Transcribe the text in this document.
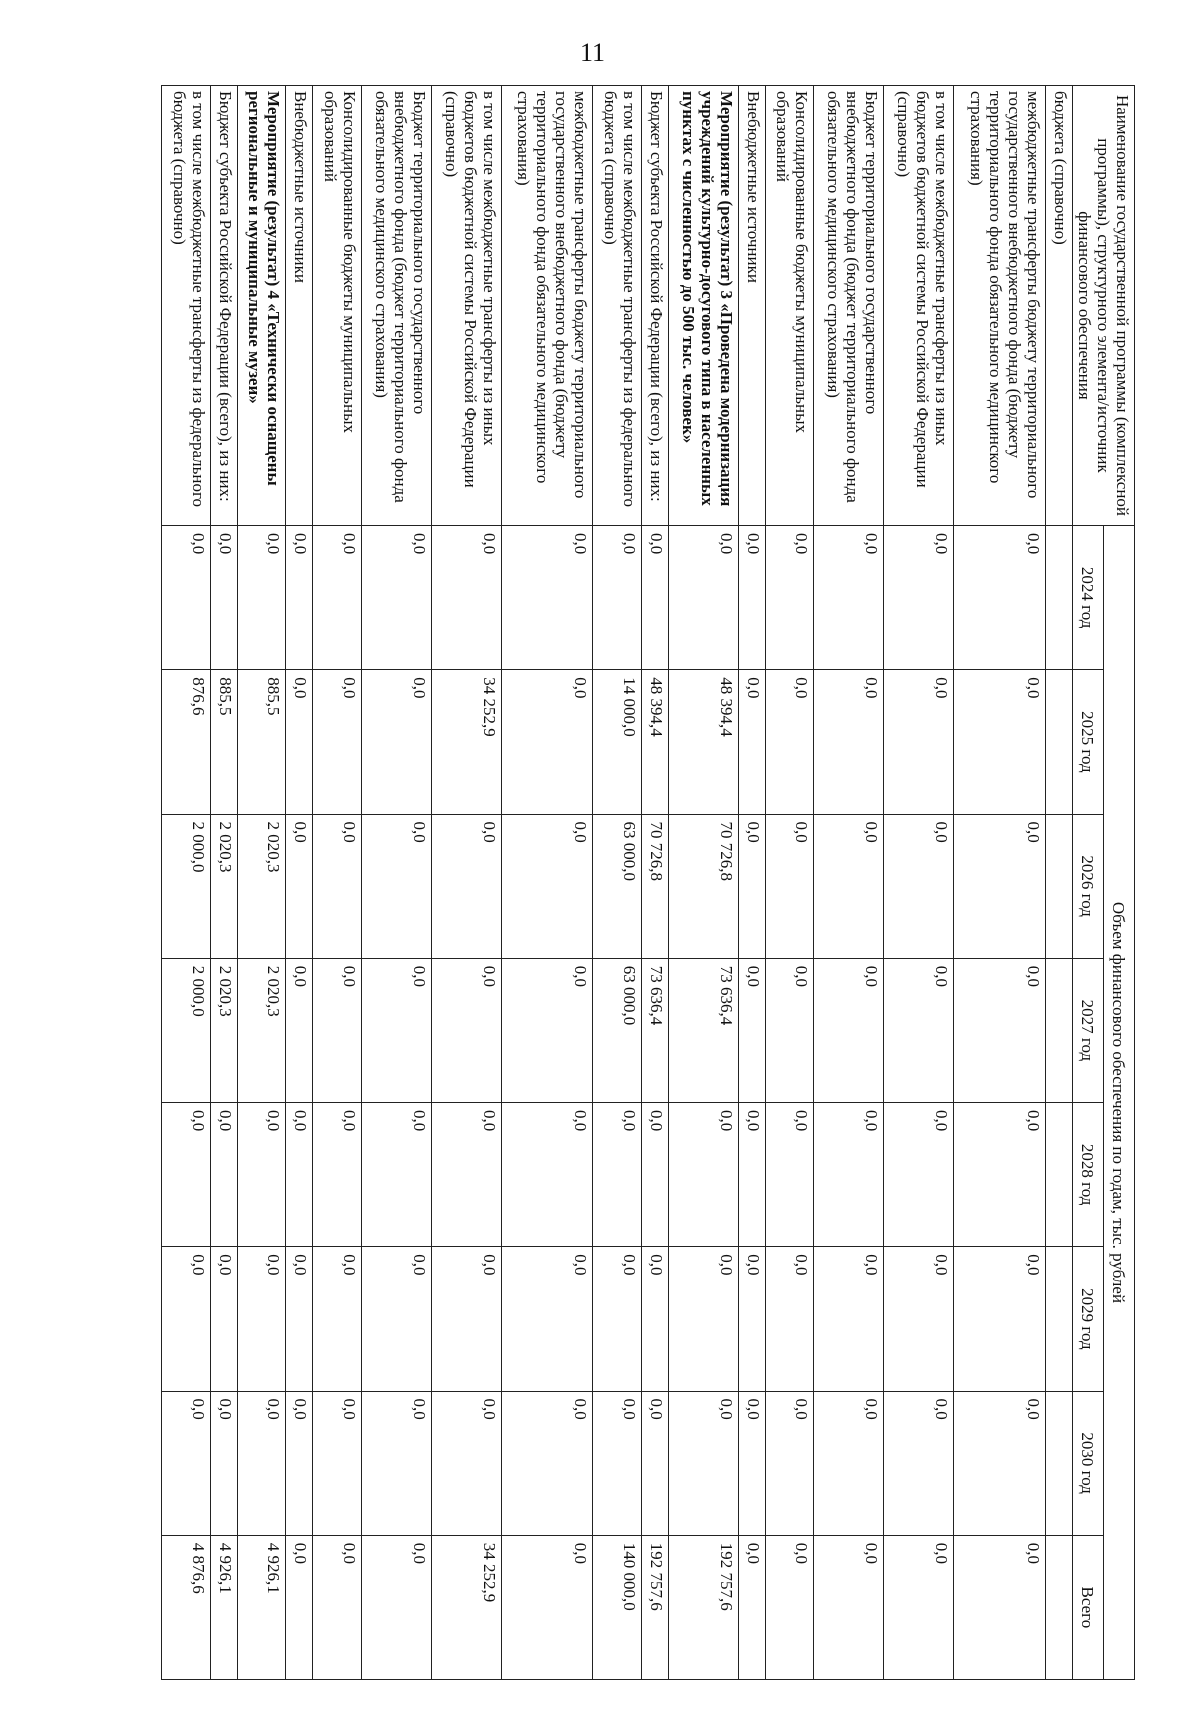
11
Наименование государственной программы (комплексной программы), структурного элемента/источник финансового обеспечения	Объем финансового обеспечения по годам, тыс. рублей							
	2024 год	2025 год	2026 год	2027 год	2028 год	2029 год	2030 год	Всего
бюджета (справочно)								
межбюджетные трансферты бюджету территориального государственного внебюджетного фонда (бюджету территориального фонда обязательного медицинского страхования)	0,0	0,0	0,0	0,0	0,0	0,0	0,0	0,0
в том числе межбюджетные трансферты из иных бюджетов бюджетной системы Российской Федерации (справочно)	0,0	0,0	0,0	0,0	0,0	0,0	0,0	0,0
Бюджет территориального государственного внебюджетного фонда (бюджет территориального фонда обязательного медицинского страхования)	0,0	0,0	0,0	0,0	0,0	0,0	0,0	0,0
Консолидированные бюджеты муниципальных образований	0,0	0,0	0,0	0,0	0,0	0,0	0,0	0,0
Внебюджетные источники	0,0	0,0	0,0	0,0	0,0	0,0	0,0	0,0
Мероприятие (результат) 3 «Проведена модернизация учреждений культурно-досугового типа в населенных пунктах с численностью до 500 тыс. человек»	0,0	48 394,4	70 726,8	73 636,4	0,0	0,0	0,0	192 757,6
Бюджет субъекта Российской Федерации (всего), из них:	0,0	48 394,4	70 726,8	73 636,4	0,0	0,0	0,0	192 757,6
в том числе межбюджетные трансферты из федерального бюджета (справочно)	0,0	14 000,0	63 000,0	63 000,0	0,0	0,0	0,0	140 000,0
межбюджетные трансферты бюджету территориального государственного внебюджетного фонда (бюджету территориального фонда обязательного медицинского страхования)	0,0	0,0	0,0	0,0	0,0	0,0	0,0	0,0
в том числе межбюджетные трансферты из иных бюджетов бюджетной системы Российской Федерации (справочно)	0,0	34 252,9	0,0	0,0	0,0	0,0	0,0	34 252,9
Бюджет территориального государственного внебюджетного фонда (бюджет территориального фонда обязательного медицинского страхования)	0,0	0,0	0,0	0,0	0,0	0,0	0,0	0,0
Консолидированные бюджеты муниципальных образований	0,0	0,0	0,0	0,0	0,0	0,0	0,0	0,0
Внебюджетные источники	0,0	0,0	0,0	0,0	0,0	0,0	0,0	0,0
Мероприятие (результат) 4 «Технически оснащены региональные и муниципальные музеи»	0,0	885,5	2 020,3	2 020,3	0,0	0,0	0,0	4 926,1
Бюджет субъекта Российской Федерации (всего), из них:	0,0	885,5	2 020,3	2 020,3	0,0	0,0	0,0	4 926,1
в том числе межбюджетные трансферты из федерального бюджета (справочно)	0,0	876,6	2 000,0	2 000,0	0,0	0,0	0,0	4 876,6
